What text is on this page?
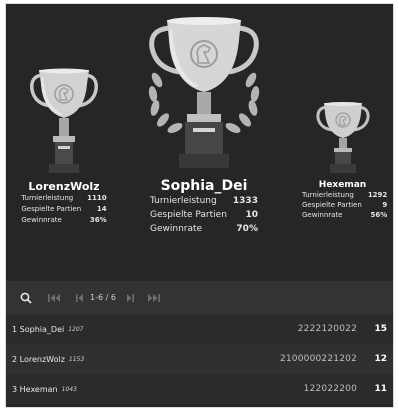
LorenzWolz
Turnierleistung	1110
Gespielte Partien	14
Gewinnrate	36%
Sophia_Dei
Turnierleistung	1333
Gespielte Partien	10
Gewinnrate	70%
Hexeman
Turnierleistung	1292
Gespielte Partien	9
Gewinnrate	56%
1-6 / 6
1 Sophia_Dei 1207	2222120022	15
2 LorenzWolz 1153	2100000221202	12
3 Hexeman 1043	122022200	11
